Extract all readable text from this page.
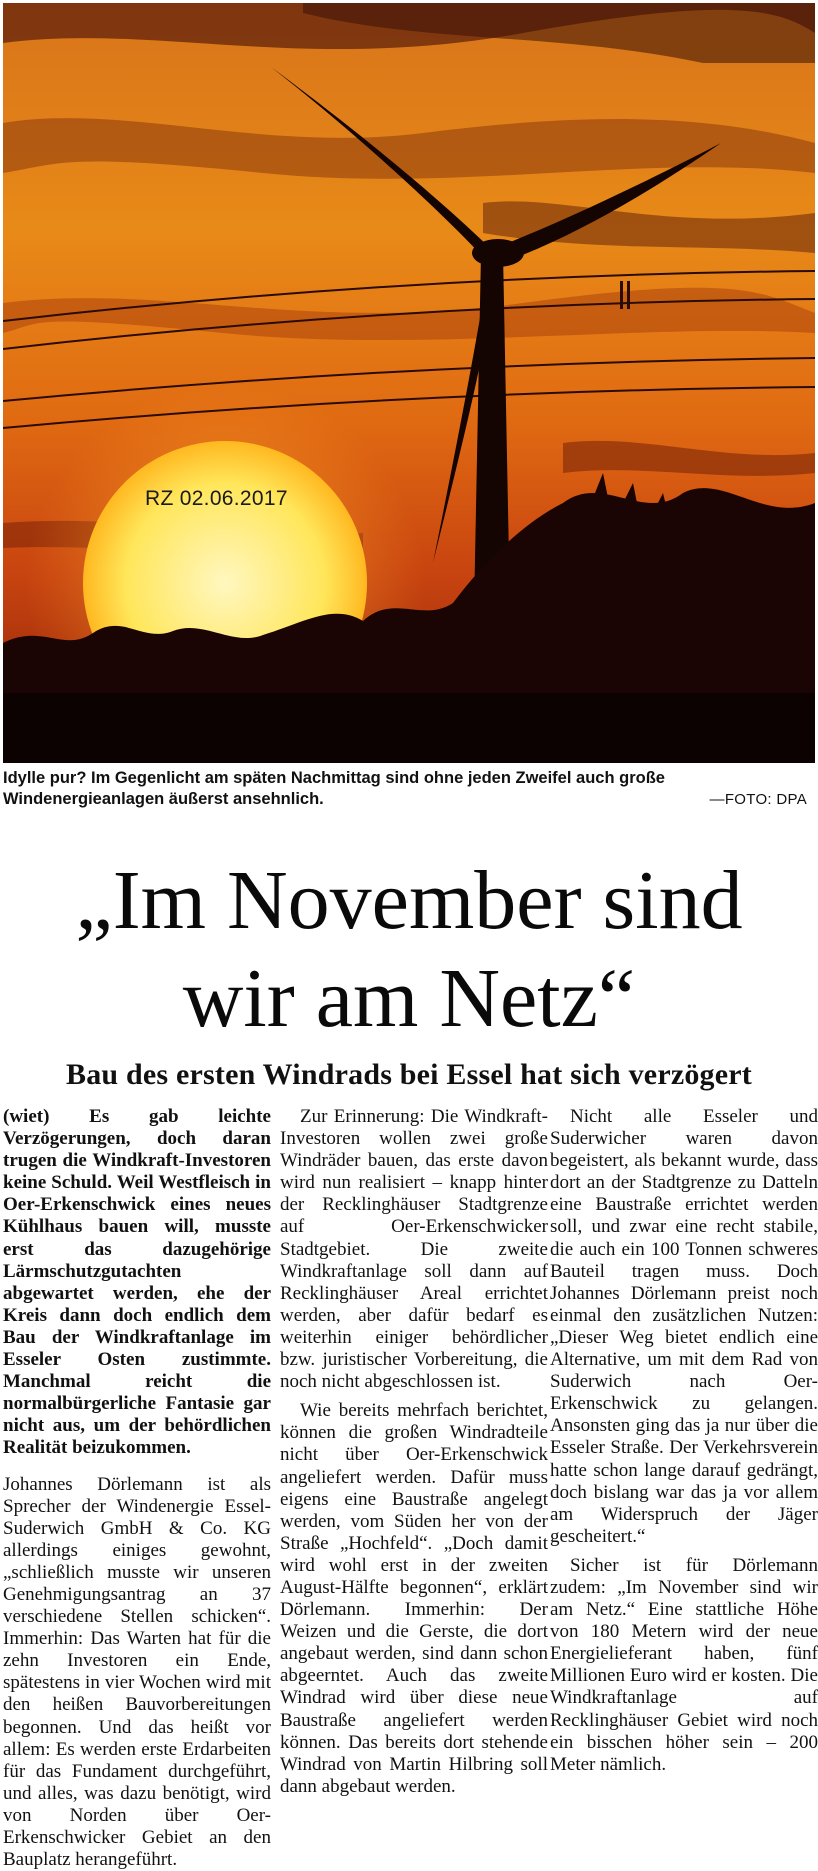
RZ 02.06.2017
Idylle pur? Im Gegenlicht am späten Nachmittag sind ohne jeden Zweifel auch große Windenergieanlagen äußerst ansehnlich.	—FOTO: DPA
„Im November sind
wir am Netz“
Bau des ersten Windrads bei Essel hat sich verzögert

(wiet) Es gab leichte Verzögerungen, doch daran trugen die Windkraft-Investoren keine Schuld. Weil Westfleisch in Oer-Erkenschwick eines neues Kühlhaus bauen will, musste erst das dazugehörige Lärmschutzgutachten abgewartet werden, ehe der Kreis dann doch endlich dem Bau der Windkraftanlage im Esseler Osten zustimmte. Manchmal reicht die normalbürgerliche Fantasie gar nicht aus, um der behördlichen Realität beizukommen.

Johannes Dörlemann ist als Sprecher der Windenergie Essel-Suderwich GmbH & Co. KG allerdings einiges gewohnt, „schließlich musste wir unseren Genehmigungsantrag an 37 verschiedene Stellen schicken“. Immerhin: Das Warten hat für die zehn Investoren ein Ende, spätestens in vier Wochen wird mit den heißen Bauvorbereitungen begonnen. Und das heißt vor allem: Es werden erste Erdarbeiten für das Fundament durchgeführt, und alles, was dazu benötigt, wird von Norden über Oer-Erkenschwicker Gebiet an den Bauplatz herangeführt.

Zur Erinnerung: Die Windkraft-Investoren wollen zwei große Windräder bauen, das erste davon wird nun realisiert – knapp hinter der Recklinghäuser Stadtgrenze auf Oer-Erkenschwicker Stadtgebiet. Die zweite Windkraftanlage soll dann auf Recklinghäuser Areal errichtet werden, aber dafür bedarf es weiterhin einiger behördlicher bzw. juristischer Vorbereitung, die noch nicht abgeschlossen ist.

Wie bereits mehrfach berichtet, können die großen Windradteile nicht über Oer-Erkenschwick angeliefert werden. Dafür muss eigens eine Baustraße angelegt werden, vom Süden her von der Straße „Hochfeld“. „Doch damit wird wohl erst in der zweiten August-Hälfte begonnen“, erklärt Dörlemann. Immerhin: Der Weizen und die Gerste, die dort angebaut werden, sind dann schon abgeerntet. Auch das zweite Windrad wird über diese neue Baustraße angeliefert werden können. Das bereits dort stehende Windrad von Martin Hilbring soll dann abgebaut werden.

Nicht alle Esseler und Suderwicher waren davon begeistert, als bekannt wurde, dass dort an der Stadtgrenze zu Datteln eine Baustraße errichtet werden soll, und zwar eine recht stabile, die auch ein 100 Tonnen schweres Bauteil tragen muss. Doch Johannes Dörlemann preist noch einmal den zusätzlichen Nutzen: „Dieser Weg bietet endlich eine Alternative, um mit dem Rad von Suderwich nach Oer-Erkenschwick zu gelangen. Ansonsten ging das ja nur über die Esseler Straße. Der Verkehrsverein hatte schon lange darauf gedrängt, doch bislang war das ja vor allem am Widerspruch der Jäger gescheitert.“

Sicher ist für Dörlemann zudem: „Im November sind wir am Netz.“ Eine stattliche Höhe von 180 Metern wird der neue Energielieferant haben, fünf Millionen Euro wird er kosten. Die Windkraftanlage auf Recklinghäuser Gebiet wird noch ein bisschen höher sein – 200 Meter nämlich.
